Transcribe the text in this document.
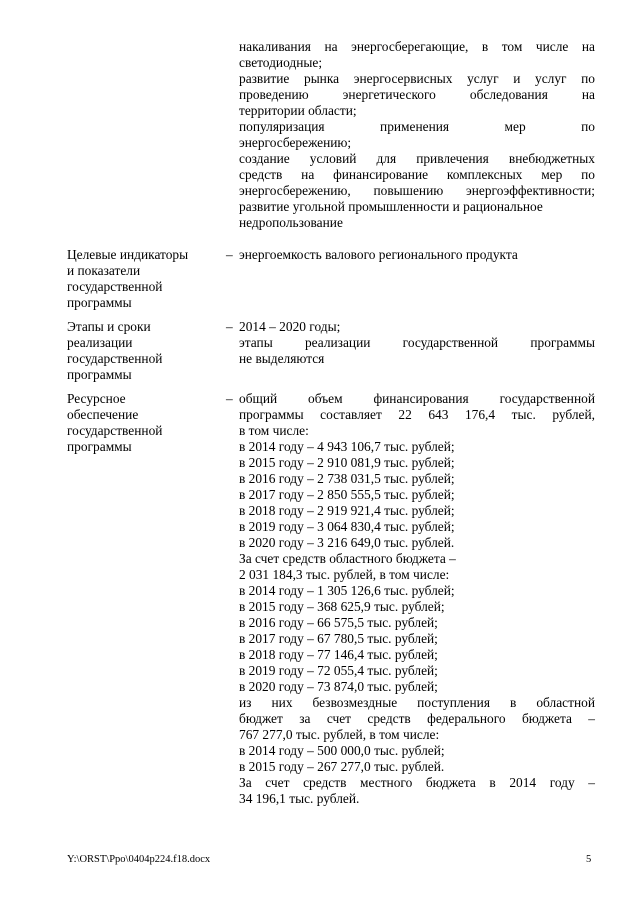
накаливания на энергосберегающие, в том числе на
светодиодные;
развитие рынка энергосервисных услуг и услуг по
проведению энергетического обследования на
территории области;
популяризация применения мер по
энергосбережению;
создание условий для привлечения внебюджетных
средств на финансирование комплексных мер по
энергосбережению, повышению энергоэффективности;
развитие угольной промышленности и рациональное
недропользование
Целевые индикаторы
и показатели
государственной
программы
– энергоемкость валового регионального продукта
Этапы и сроки
реализации
государственной
программы
– 2014 – 2020 годы;
этапы реализации государственной программы
не выделяются
Ресурсное
обеспечение
государственной
программы
– общий объем финансирования государственной
программы составляет 22 643 176,4 тыс. рублей,
в том числе:
в 2014 году – 4 943 106,7 тыс. рублей;
в 2015 году – 2 910 081,9 тыс. рублей;
в 2016 году – 2 738 031,5 тыс. рублей;
в 2017 году – 2 850 555,5 тыс. рублей;
в 2018 году – 2 919 921,4 тыс. рублей;
в 2019 году – 3 064 830,4 тыс. рублей;
в 2020 году – 3 216 649,0 тыс. рублей.
За счет средств областного бюджета –
2 031 184,3 тыс. рублей, в том числе:
в 2014 году – 1 305 126,6 тыс. рублей;
в 2015 году – 368 625,9 тыс. рублей;
в 2016 году – 66 575,5 тыс. рублей;
в 2017 году – 67 780,5 тыс. рублей;
в 2018 году – 77 146,4 тыс. рублей;
в 2019 году – 72 055,4 тыс. рублей;
в 2020 году – 73 874,0 тыс. рублей;
из них безвозмездные поступления в областной
бюджет за счет средств федерального бюджета –
767 277,0 тыс. рублей, в том числе:
в 2014 году – 500 000,0 тыс. рублей;
в 2015 году – 267 277,0 тыс. рублей.
За счет средств местного бюджета в 2014 году –
34 196,1 тыс. рублей.
Y:\ORST\Ppo\0404p224.f18.docx	5
